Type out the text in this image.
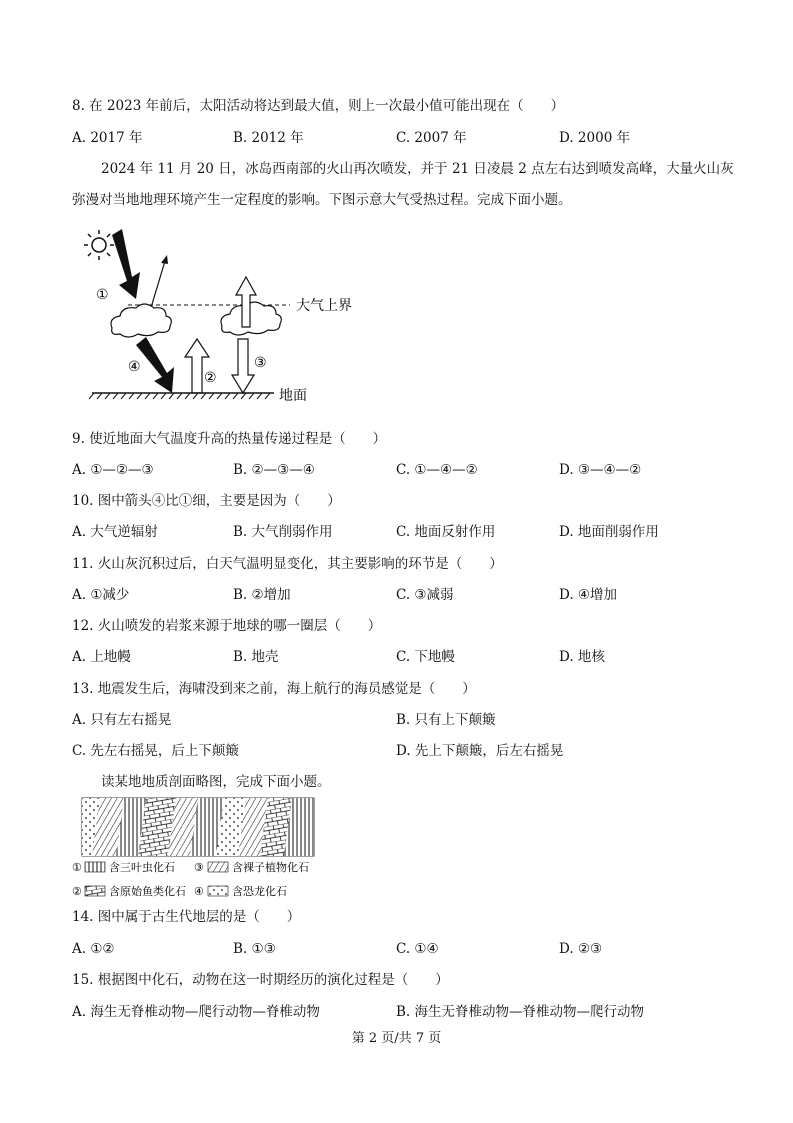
8. 在 2023 年前后，太阳活动将达到最大值，则上一次最小值可能出现在（　　）
A. 2017 年	B. 2012 年	C. 2007 年	D. 2000 年
2024 年 11 月 20 日，冰岛西南部的火山再次喷发，并于 21 日凌晨 2 点左右达到喷发高峰，大量火山灰
弥漫对当地地理环境产生一定程度的影响。下图示意大气受热过程。完成下面小题。
大气上界
①
④
②
③
地面
9. 使近地面大气温度升高的热量传递过程是（　　）
A. ①—②—③	B. ②—③—④	C. ①—④—②	D. ③—④—②
10. 图中箭头④比①细，主要是因为（　　）
A. 大气逆辐射	B. 大气削弱作用	C. 地面反射作用	D. 地面削弱作用
11. 火山灰沉积过后，白天气温明显变化，其主要影响的环节是（　　）
A. ①减少	B. ②增加	C. ③减弱	D. ④增加
12. 火山喷发的岩浆来源于地球的哪一圈层（　　）
A. 上地幔	B. 地壳	C. 下地幔	D. 地核
13. 地震发生后，海啸没到来之前，海上航行的海员感觉是（　　）
A. 只有左右摇晃	B. 只有上下颠簸
C. 先左右摇晃，后上下颠簸	D. 先上下颠簸，后左右摇晃
读某地地质剖面略图，完成下面小题。
① 含三叶虫化石 ③	含裸子植物化石
② 含原始鱼类化石 ④	含恐龙化石
14. 图中属于古生代地层的是（　　）
A. ①②	B. ①③	C. ①④	D. ②③
15. 根据图中化石，动物在这一时期经历的演化过程是（　　）
A. 海生无脊椎动物—爬行动物—脊椎动物	B. 海生无脊椎动物—脊椎动物—爬行动物
第 2 页/共 7 页
